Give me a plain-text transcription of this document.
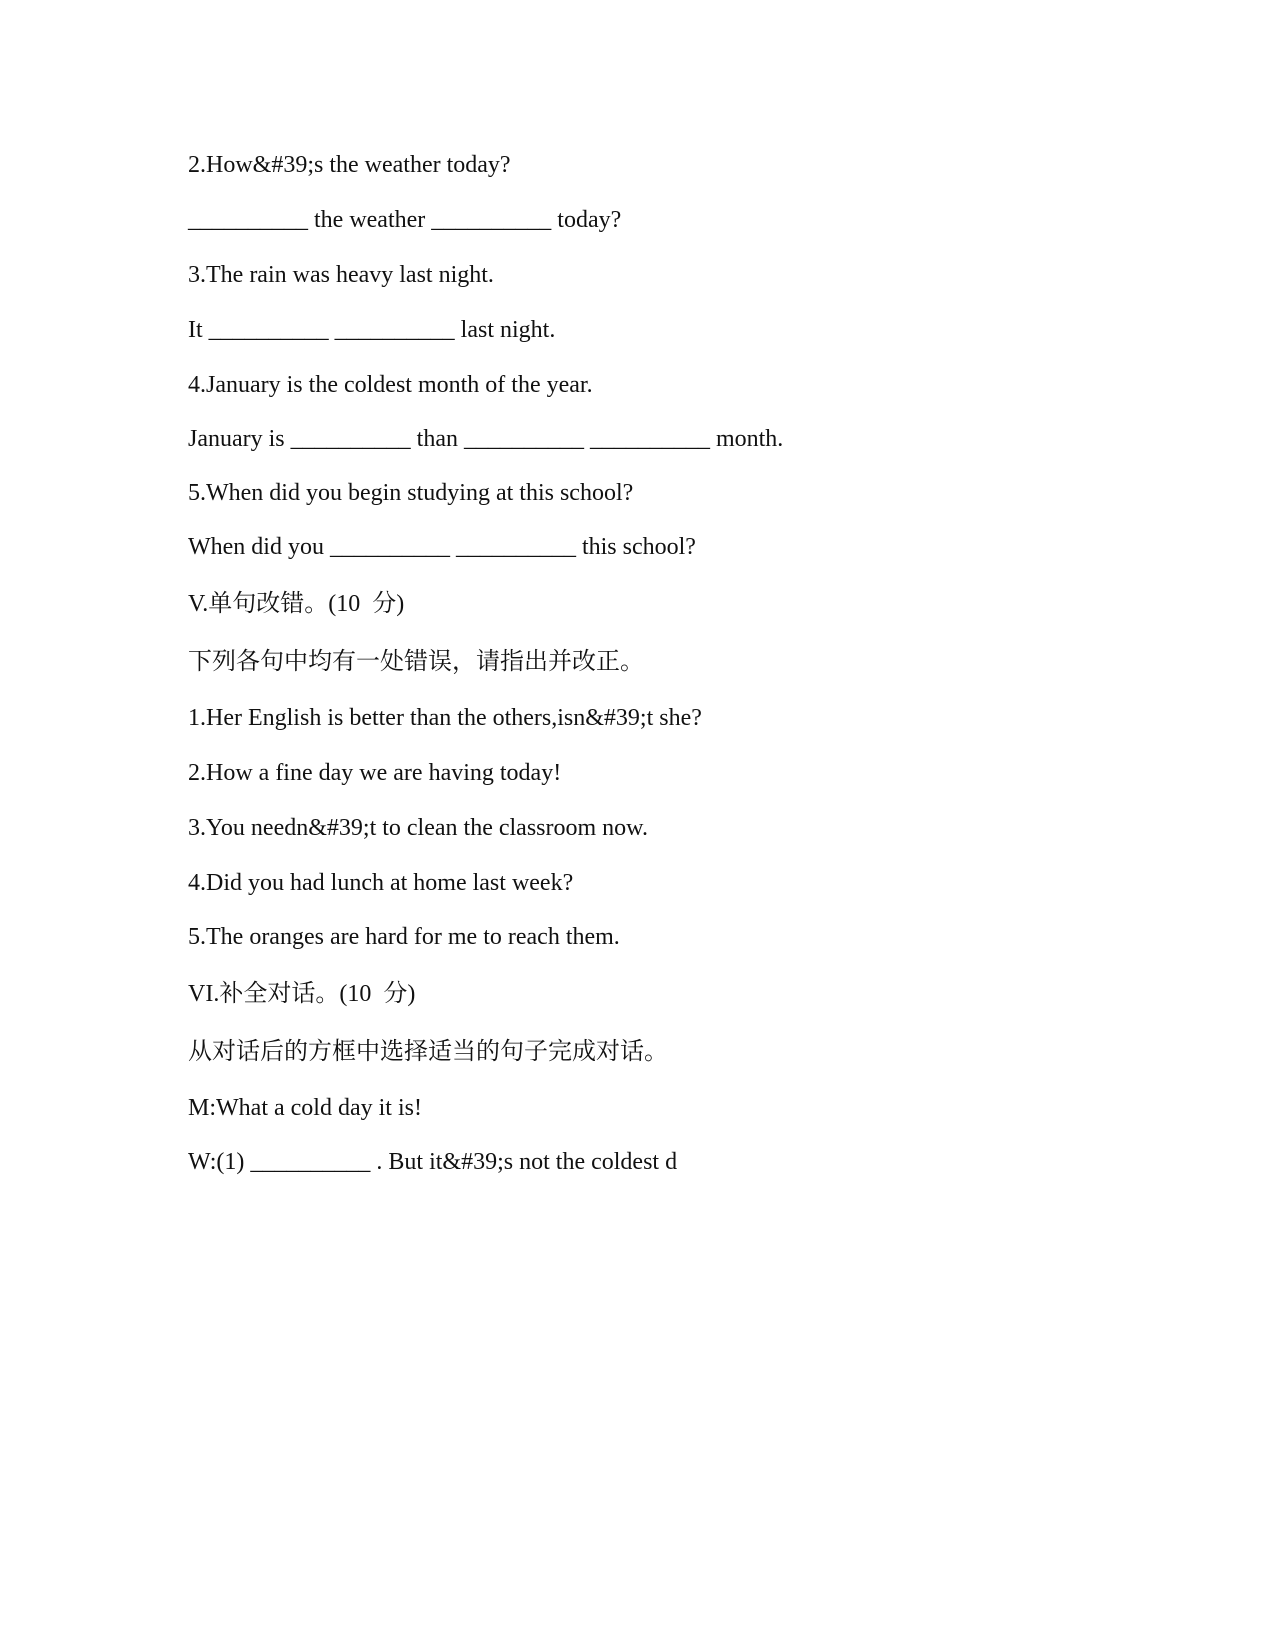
2.How&#39;s the weather today?
__________ the weather __________ today?
3.The rain was heavy last night.
It __________ __________ last night.
4.January is the coldest month of the year.
January is __________ than __________ __________ month.
5.When did you begin studying at this school?
When did you __________ __________ this school?
V.单句改错。(10  分)
下列各句中均有一处错误，请指出并改正。
1.Her English is better than the others,isn&#39;t she?
2.How a fine day we are having today!
3.You needn&#39;t to clean the classroom now.
4.Did you had lunch at home last week?
5.The oranges are hard for me to reach them.
VI.补全对话。(10  分)
从对话后的方框中选择适当的句子完成对话。
M:What a cold day it is!
W:(1) __________ . But it&#39;s not the coldest d
